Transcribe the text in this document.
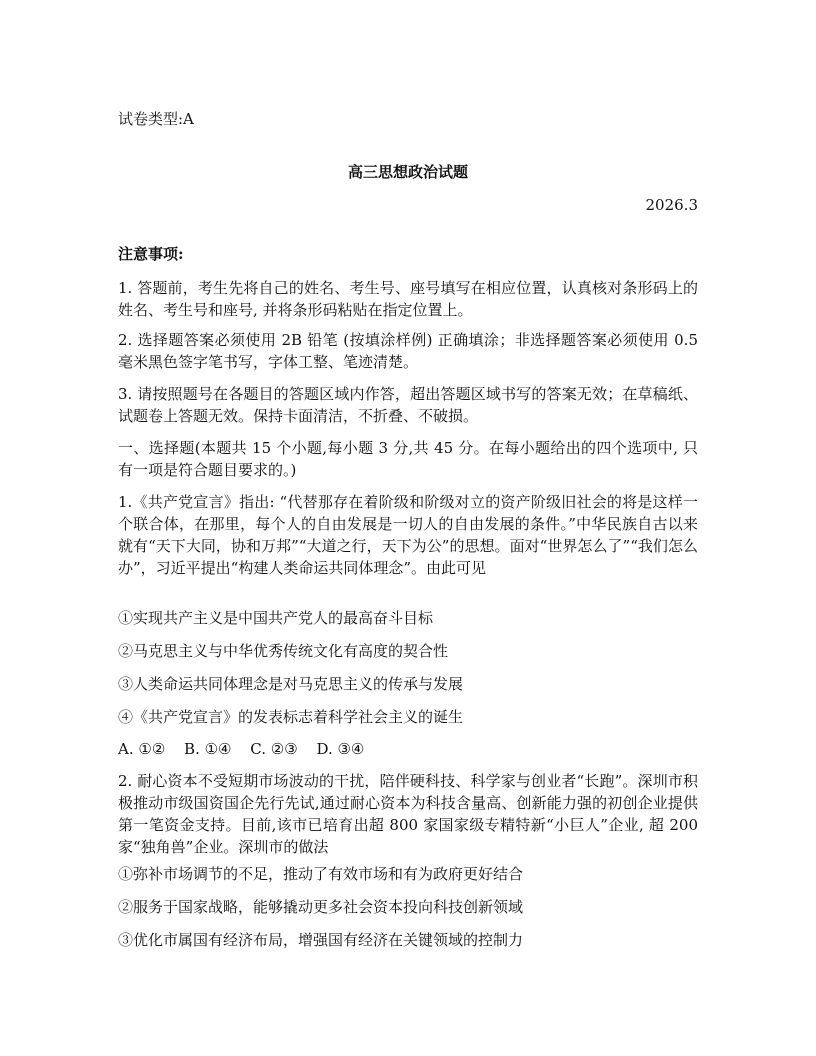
试卷类型:A
高三思想政治试题
2026.3
注意事项:
1. 答题前，考生先将自己的姓名、考生号、座号填写在相应位置，认真核对条形码上的姓名、考生号和座号, 并将条形码粘贴在指定位置上。
2. 选择题答案必须使用 2B 铅笔 (按填涂样例) 正确填涂；非选择题答案必须使用 0.5 毫米黑色签字笔书写，字体工整、笔迹清楚。
3. 请按照题号在各题目的答题区域内作答，超出答题区域书写的答案无效；在草稿纸、 试题卷上答题无效。保持卡面清洁，不折叠、不破损。
一、选择题(本题共 15 个小题,每小题 3 分,共 45 分。在每小题给出的四个选项中, 只有一项是符合题目要求的。)
1.《共产党宣言》指出: “代替那存在着阶级和阶级对立的资产阶级旧社会的将是这样一个联合体，在那里，每个人的自由发展是一切人的自由发展的条件。”中华民族自古以来就有“天下大同，协和万邦”“大道之行，天下为公”的思想。面对“世界怎么了”“我们怎么办”，习近平提出“构建人类命运共同体理念”。由此可见
①实现共产主义是中国共产党人的最高奋斗目标
②马克思主义与中华优秀传统文化有高度的契合性
③人类命运共同体理念是对马克思主义的传承与发展
④《共产党宣言》的发表标志着科学社会主义的诞生
A. ①② B. ①④ C. ②③ D. ③④
2. 耐心资本不受短期市场波动的干扰，陪伴硬科技、科学家与创业者“长跑”。深圳市积极推动市级国资国企先行先试,通过耐心资本为科技含量高、创新能力强的初创企业提供第一笔资金支持。目前,该市已培育出超 800 家国家级专精特新“小巨人”企业, 超 200 家“独角兽”企业。深圳市的做法
①弥补市场调节的不足，推动了有效市场和有为政府更好结合
②服务于国家战略，能够撬动更多社会资本投向科技创新领域
③优化市属国有经济布局，增强国有经济在关键领域的控制力
